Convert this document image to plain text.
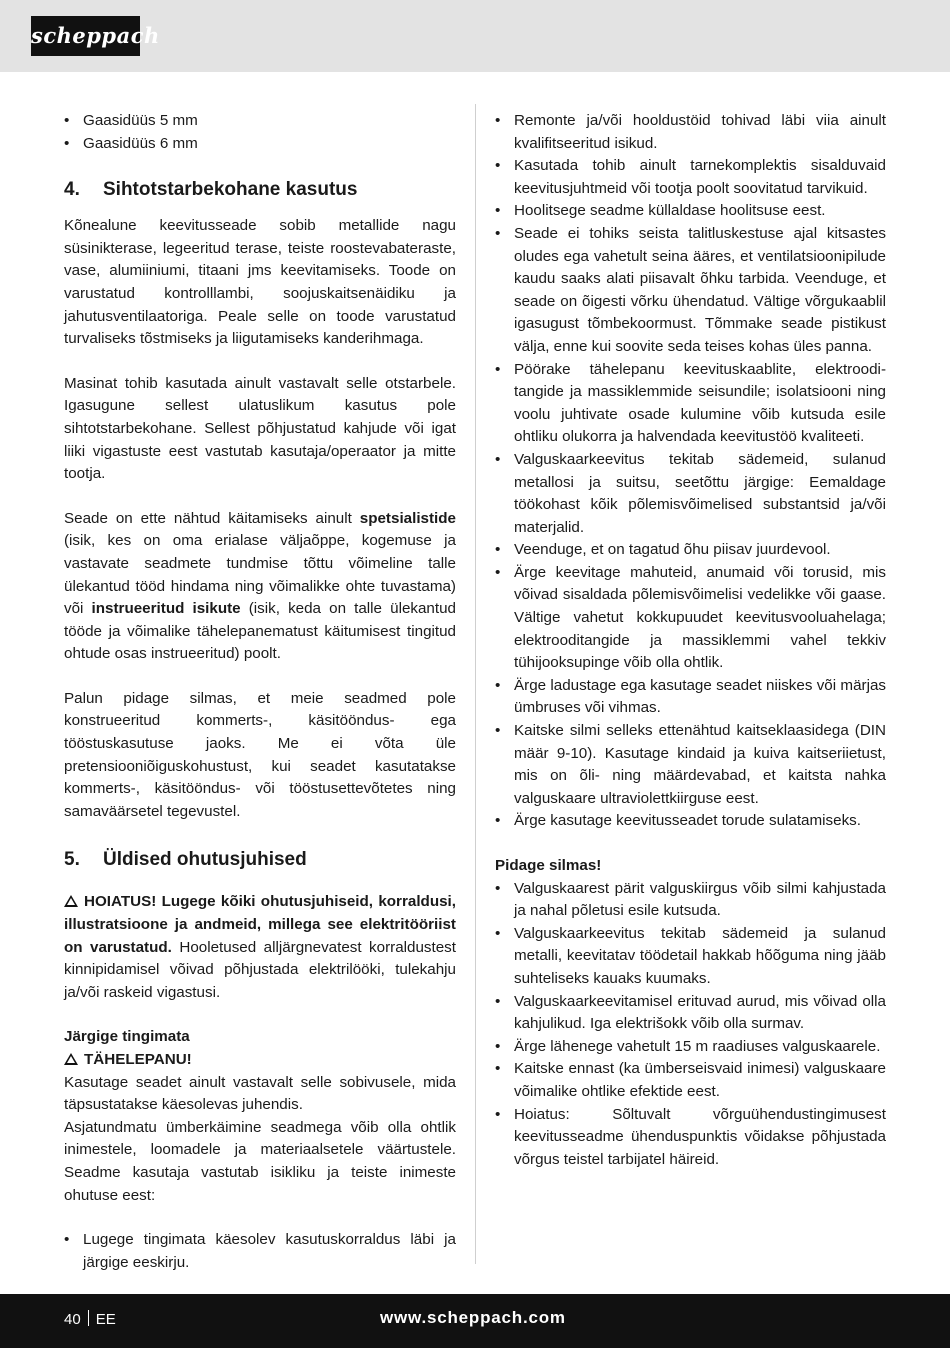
scheppach
• Gaasidüüs 5 mm
• Gaasidüüs 6 mm
4. Sihtotstarbekohane kasutus

Kõnealune keevitusseade sobib metallide nagu süsinikterase, legeeritud terase, teiste roostevabateraste, vase, alumiiniumi, titaani jms keevitamiseks. Toode on varustatud kontrolllambi, soojuskaitsenäidiku ja jahutusventilaatoriga. Peale selle on toode varustatud turvaliseks tõstmiseks ja liigutamiseks kanderihmaga.

Masinat tohib kasutada ainult vastavalt selle otstarbele. Igasugune sellest ulatuslikum kasutus pole sihtotstarbekohane. Sellest põhjustatud kahjude või igat liiki vigastuste eest vastutab kasutaja/operaator ja mitte tootja.

Seade on ette nähtud käitamiseks ainult spetsialistide (isik, kes on oma erialase väljaõppe, kogemuse ja vastavate seadmete tundmise tõttu võimeline talle ülekantud tööd hindama ning võimalikke ohte tuvastama) või instrueeritud isikute (isik, keda on talle ülekantud tööde ja võimalike tähelepanematust käitumisest tingitud ohtude osas instrueeritud) poolt.

Palun pidage silmas, et meie seadmed pole konstrueeritud kommerts-, käsitööndus- ega tööstuskasutuse jaoks. Me ei võta üle pretensiooniõiguskohustust, kui seadet kasutatakse kommerts-, käsitööndus- või tööstusettevõtetes ning samaväärsetel tegevustel.

5. Üldised ohutusjuhised

HOIATUS! Lugege kõiki ohutusjuhiseid, korraldusi, illustratsioone ja andmeid, millega see elektritööriist on varustatud. Hooletused alljärgnevatest korraldustest kinnipidamisel võivad põhjustada elektrilööki, tulekahju ja/või raskeid vigastusi.

Järgige tingimata

TÄHELEPANU!

Kasutage seadet ainult vastavalt selle sobivusele, mida täpsustatakse käesolevas juhendis.

Asjatundmatu ümberkäimine seadmega võib olla ohtlik inimestele, loomadele ja materiaalsetele väärtustele. Seadme kasutaja vastutab isikliku ja teiste inimeste ohutuse eest:

• Lugege tingimata käesolev kasutuskorraldus läbi ja järgige eeskirju.
• Remonte ja/või hooldustöid tohivad läbi viia ainult kvalifitseeritud isikud.
• Kasutada tohib ainult tarnekomplektis sisalduvaid keevitusjuhtmeid või tootja poolt soovitatud tarvikuid.
• Hoolitsege seadme küllaldase hoolitsuse eest.
• Seade ei tohiks seista talitluskestuse ajal kitsastes oludes ega vahetult seina ääres, et ventilatsioonipilude kaudu saaks alati piisavalt õhku tarbida. Veenduge, et seade on õigesti võrku ühendatud. Vältige võrgukaablil igasugust tõmbekoormust. Tõmmake seade pistikust välja, enne kui soovite seda teises kohas üles panna.
• Pöörake tähelepanu keevituskaablite, elektrooditangide ja massiklemmide seisundile; isolatsiooni ning voolu juhtivate osade kulumine võib kutsuda esile ohtliku olukorra ja halvendada keevitustöö kvaliteeti.
• Valguskaarkeevitus tekitab sädemeid, sulanud metallosi ja suitsu, seetõttu järgige: Eemaldage töökohast kõik põlemisvõimelised substantsid ja/või materjalid.
• Veenduge, et on tagatud õhu piisav juurdevool.
• Ärge keevitage mahuteid, anumaid või torusid, mis võivad sisaldada põlemisvõimelisi vedelikke või gaase. Vältige vahetut kokkupuudet keevitusvooluahelaga; elektrooditangide ja massiklemmi vahel tekkiv tühijooksupinge võib olla ohtlik.
• Ärge ladustage ega kasutage seadet niiskes või märjas ümbruses või vihmas.
• Kaitske silmi selleks ettenähtud kaitseklaasidega (DIN määr 9-10). Kasutage kindaid ja kuiva kaitseriietust, mis on õli- ning määrdevabad, et kaitsta nahka valguskaare ultraviolettkiirguse eest.
• Ärge kasutage keevitusseadet torude sulatamiseks.

Pidage silmas!

• Valguskaarest pärit valguskiirgus võib silmi kahjustada ja nahal põletusi esile kutsuda.
• Valguskaarkeevitus tekitab sädemeid ja sulanud metalli, keevitatav töödetail hakkab hõõguma ning jääb suhteliseks kauaks kuumaks.
• Valguskaarkeevitamisel erituvad aurud, mis võivad olla kahjulikud. Iga elektrišokk võib olla surmav.
• Ärge lähenege vahetult 15 m raadiuses valguskaarele.
• Kaitske ennast (ka ümberseisvaid inimesi) valguskaare võimalike ohtlike efektide eest.
• Hoiatus: Sõltuvalt võrguühendustingimusest keevitusseadme ühenduspunktis võidakse põhjustada võrgus teistel tarbijatel häireid.
40 EE	www.scheppach.com
